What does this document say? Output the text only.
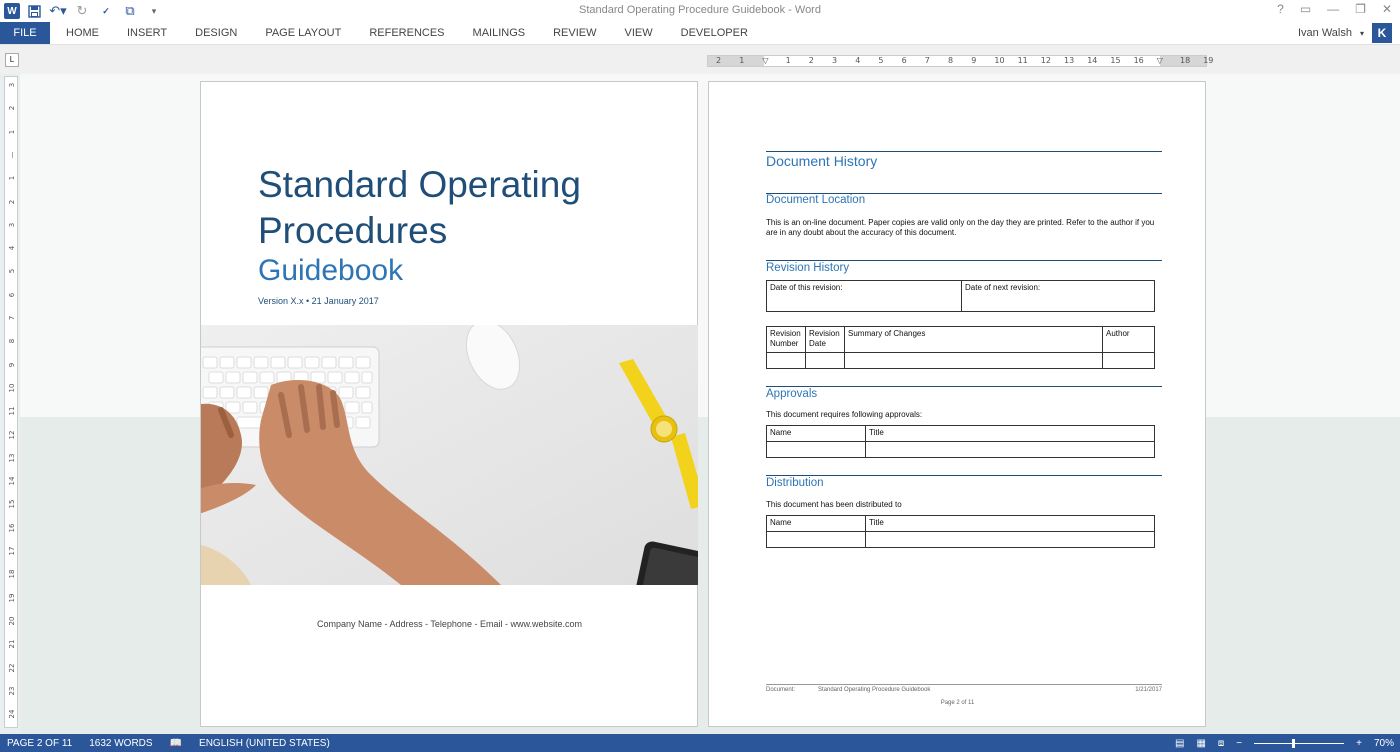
W	↶▾ ↻	✓	⧉	▾	Standard Operating Procedure Guidebook - Word	? ▭ — ❐ ✕
FILE	HOME	INSERT	DESIGN	PAGE LAYOUT	REFERENCES	MAILINGS	REVIEW	VIEW	DEVELOPER	Ivan Walsh ▾	K
L	2 1 ▽ 1 2 3 4 5 6 7 8 9 10 11 12 13 14 15 16 ▽ 18 19
3
2
1
—
1
2
3
4
5
6
7
8
9
10
11
12
13
14
15
16
17
18
19
20
21
22
23
24
Standard Operating
Procedures
Guidebook
Version X.x • 21 January 2017
Company Name - Address - Telephone - Email - www.website.com
Document History
Document Location
This is an on-line document. Paper copies are valid only on the day they are printed. Refer to the author if you are in any doubt about the accuracy of this document.
Revision History
Date of this revision:	Date of next revision:
Revision Number	Revision Date	Summary of Changes	Author

Approvals
This document requires following approvals:
Name	Title

Distribution
This document has been distributed to
Name	Title

Document:	Standard Operating Procedure Guidebook	1/21/2017
Page 2 of 11
PAGE 2 OF 11 1632 WORDS 📖 ENGLISH (UNITED STATES)	▤ ▦ ⧈ −	+ 70%
